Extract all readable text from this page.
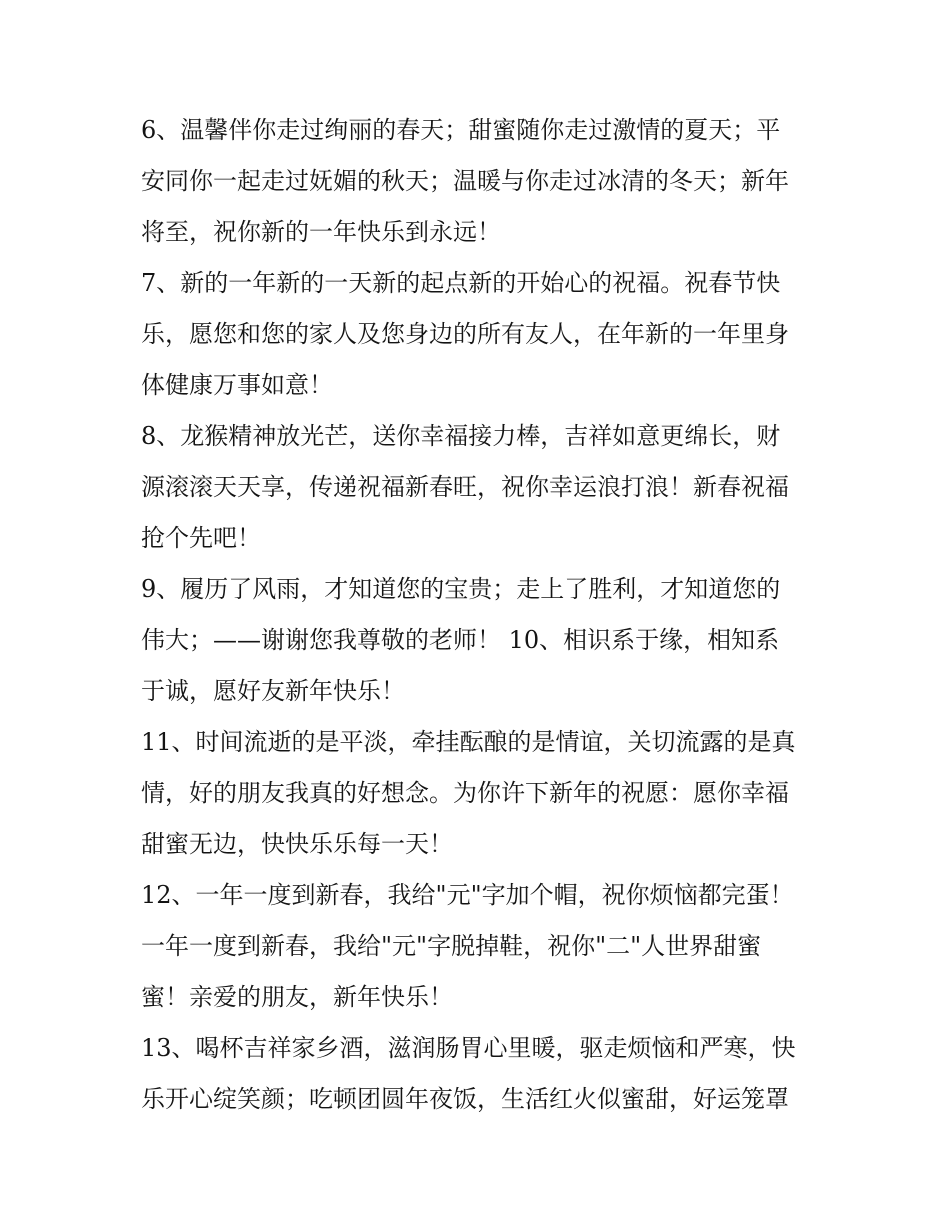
6、温馨伴你走过绚丽的春天；甜蜜随你走过激情的夏天；平
安同你一起走过妩媚的秋天；温暖与你走过冰清的冬天；新年
将至，祝你新的一年快乐到永远！
7、新的一年新的一天新的起点新的开始心的祝福。祝春节快
乐，愿您和您的家人及您身边的所有友人，在年新的一年里身
体健康万事如意！
8、龙猴精神放光芒，送你幸福接力棒，吉祥如意更绵长，财
源滚滚天天享，传递祝福新春旺，祝你幸运浪打浪！新春祝福
抢个先吧！
9、履历了风雨，才知道您的宝贵；走上了胜利，才知道您的
伟大；——谢谢您我尊敬的老师！ 10、相识系于缘，相知系
于诚，愿好友新年快乐！
11、时间流逝的是平淡，牵挂酝酿的是情谊，关切流露的是真
情，好的朋友我真的好想念。为你许下新年的祝愿：愿你幸福
甜蜜无边，快快乐乐每一天！
12、一年一度到新春，我给"元"字加个帽，祝你烦恼都完蛋！
一年一度到新春，我给"元"字脱掉鞋，祝你"二"人世界甜蜜
蜜！亲爱的朋友，新年快乐！
13、喝杯吉祥家乡酒，滋润肠胃心里暖，驱走烦恼和严寒，快
乐开心绽笑颜；吃顿团圆年夜饭，生活红火似蜜甜，好运笼罩
